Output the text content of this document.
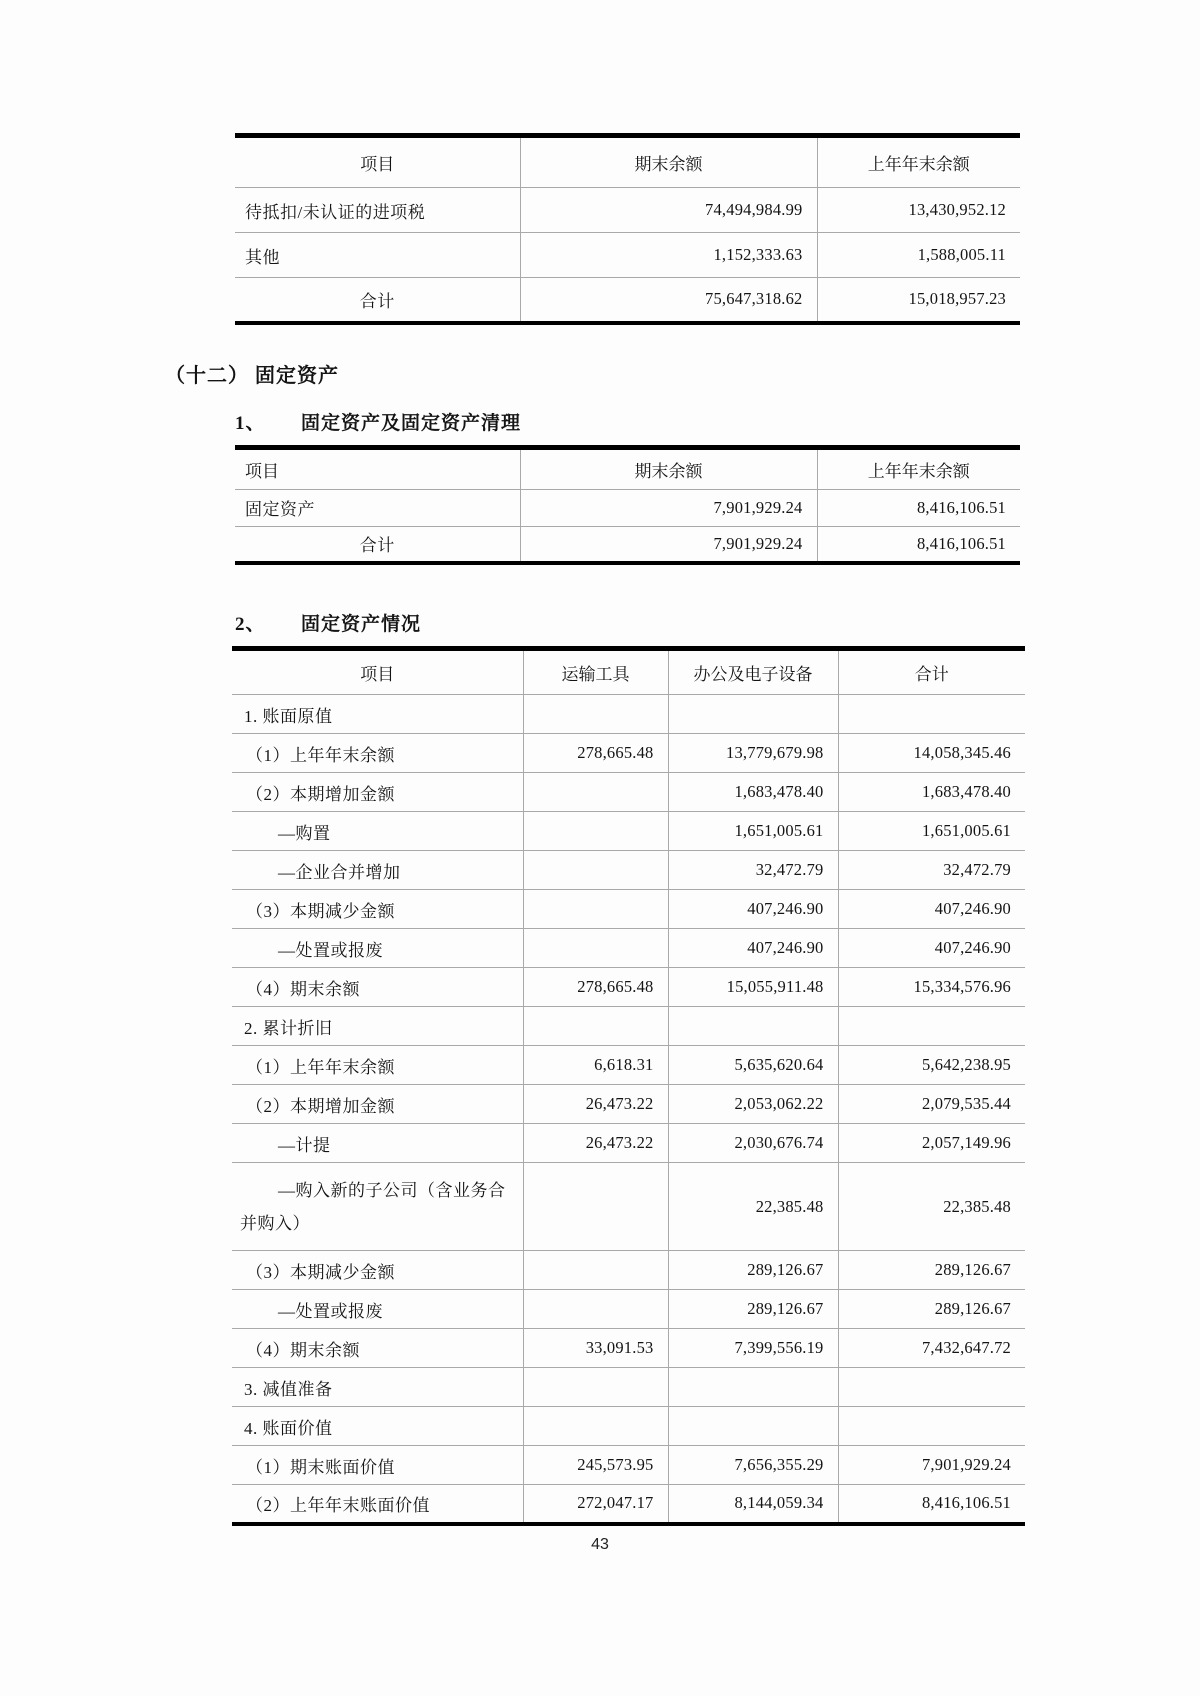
项目	期末余额	上年年末余额
待抵扣/未认证的进项税	74,494,984.99	13,430,952.12
其他	1,152,333.63	1,588,005.11
合计	75,647,318.62	15,018,957.23
（十二） 固定资产
1、 固定资产及固定资产清理
项目	期末余额	上年年末余额
固定资产	7,901,929.24	8,416,106.51
合计	7,901,929.24	8,416,106.51
2、 固定资产情况
项目	运输工具	办公及电子设备	合计
1. 账面原值			
（1）上年年末余额	278,665.48	13,779,679.98	14,058,345.46
（2）本期增加金额		1,683,478.40	1,683,478.40
—购置		1,651,005.61	1,651,005.61
—企业合并增加		32,472.79	32,472.79
（3）本期减少金额		407,246.90	407,246.90
—处置或报废		407,246.90	407,246.90
（4）期末余额	278,665.48	15,055,911.48	15,334,576.96
2. 累计折旧			
（1）上年年末余额	6,618.31	5,635,620.64	5,642,238.95
（2）本期增加金额	26,473.22	2,053,062.22	2,079,535.44
—计提	26,473.22	2,030,676.74	2,057,149.96
—购入新的子公司（含业务合并购入）		22,385.48	22,385.48
（3）本期减少金额		289,126.67	289,126.67
—处置或报废		289,126.67	289,126.67
（4）期末余额	33,091.53	7,399,556.19	7,432,647.72
3. 减值准备			
4. 账面价值			
（1）期末账面价值	245,573.95	7,656,355.29	7,901,929.24
（2）上年年末账面价值	272,047.17	8,144,059.34	8,416,106.51
43
